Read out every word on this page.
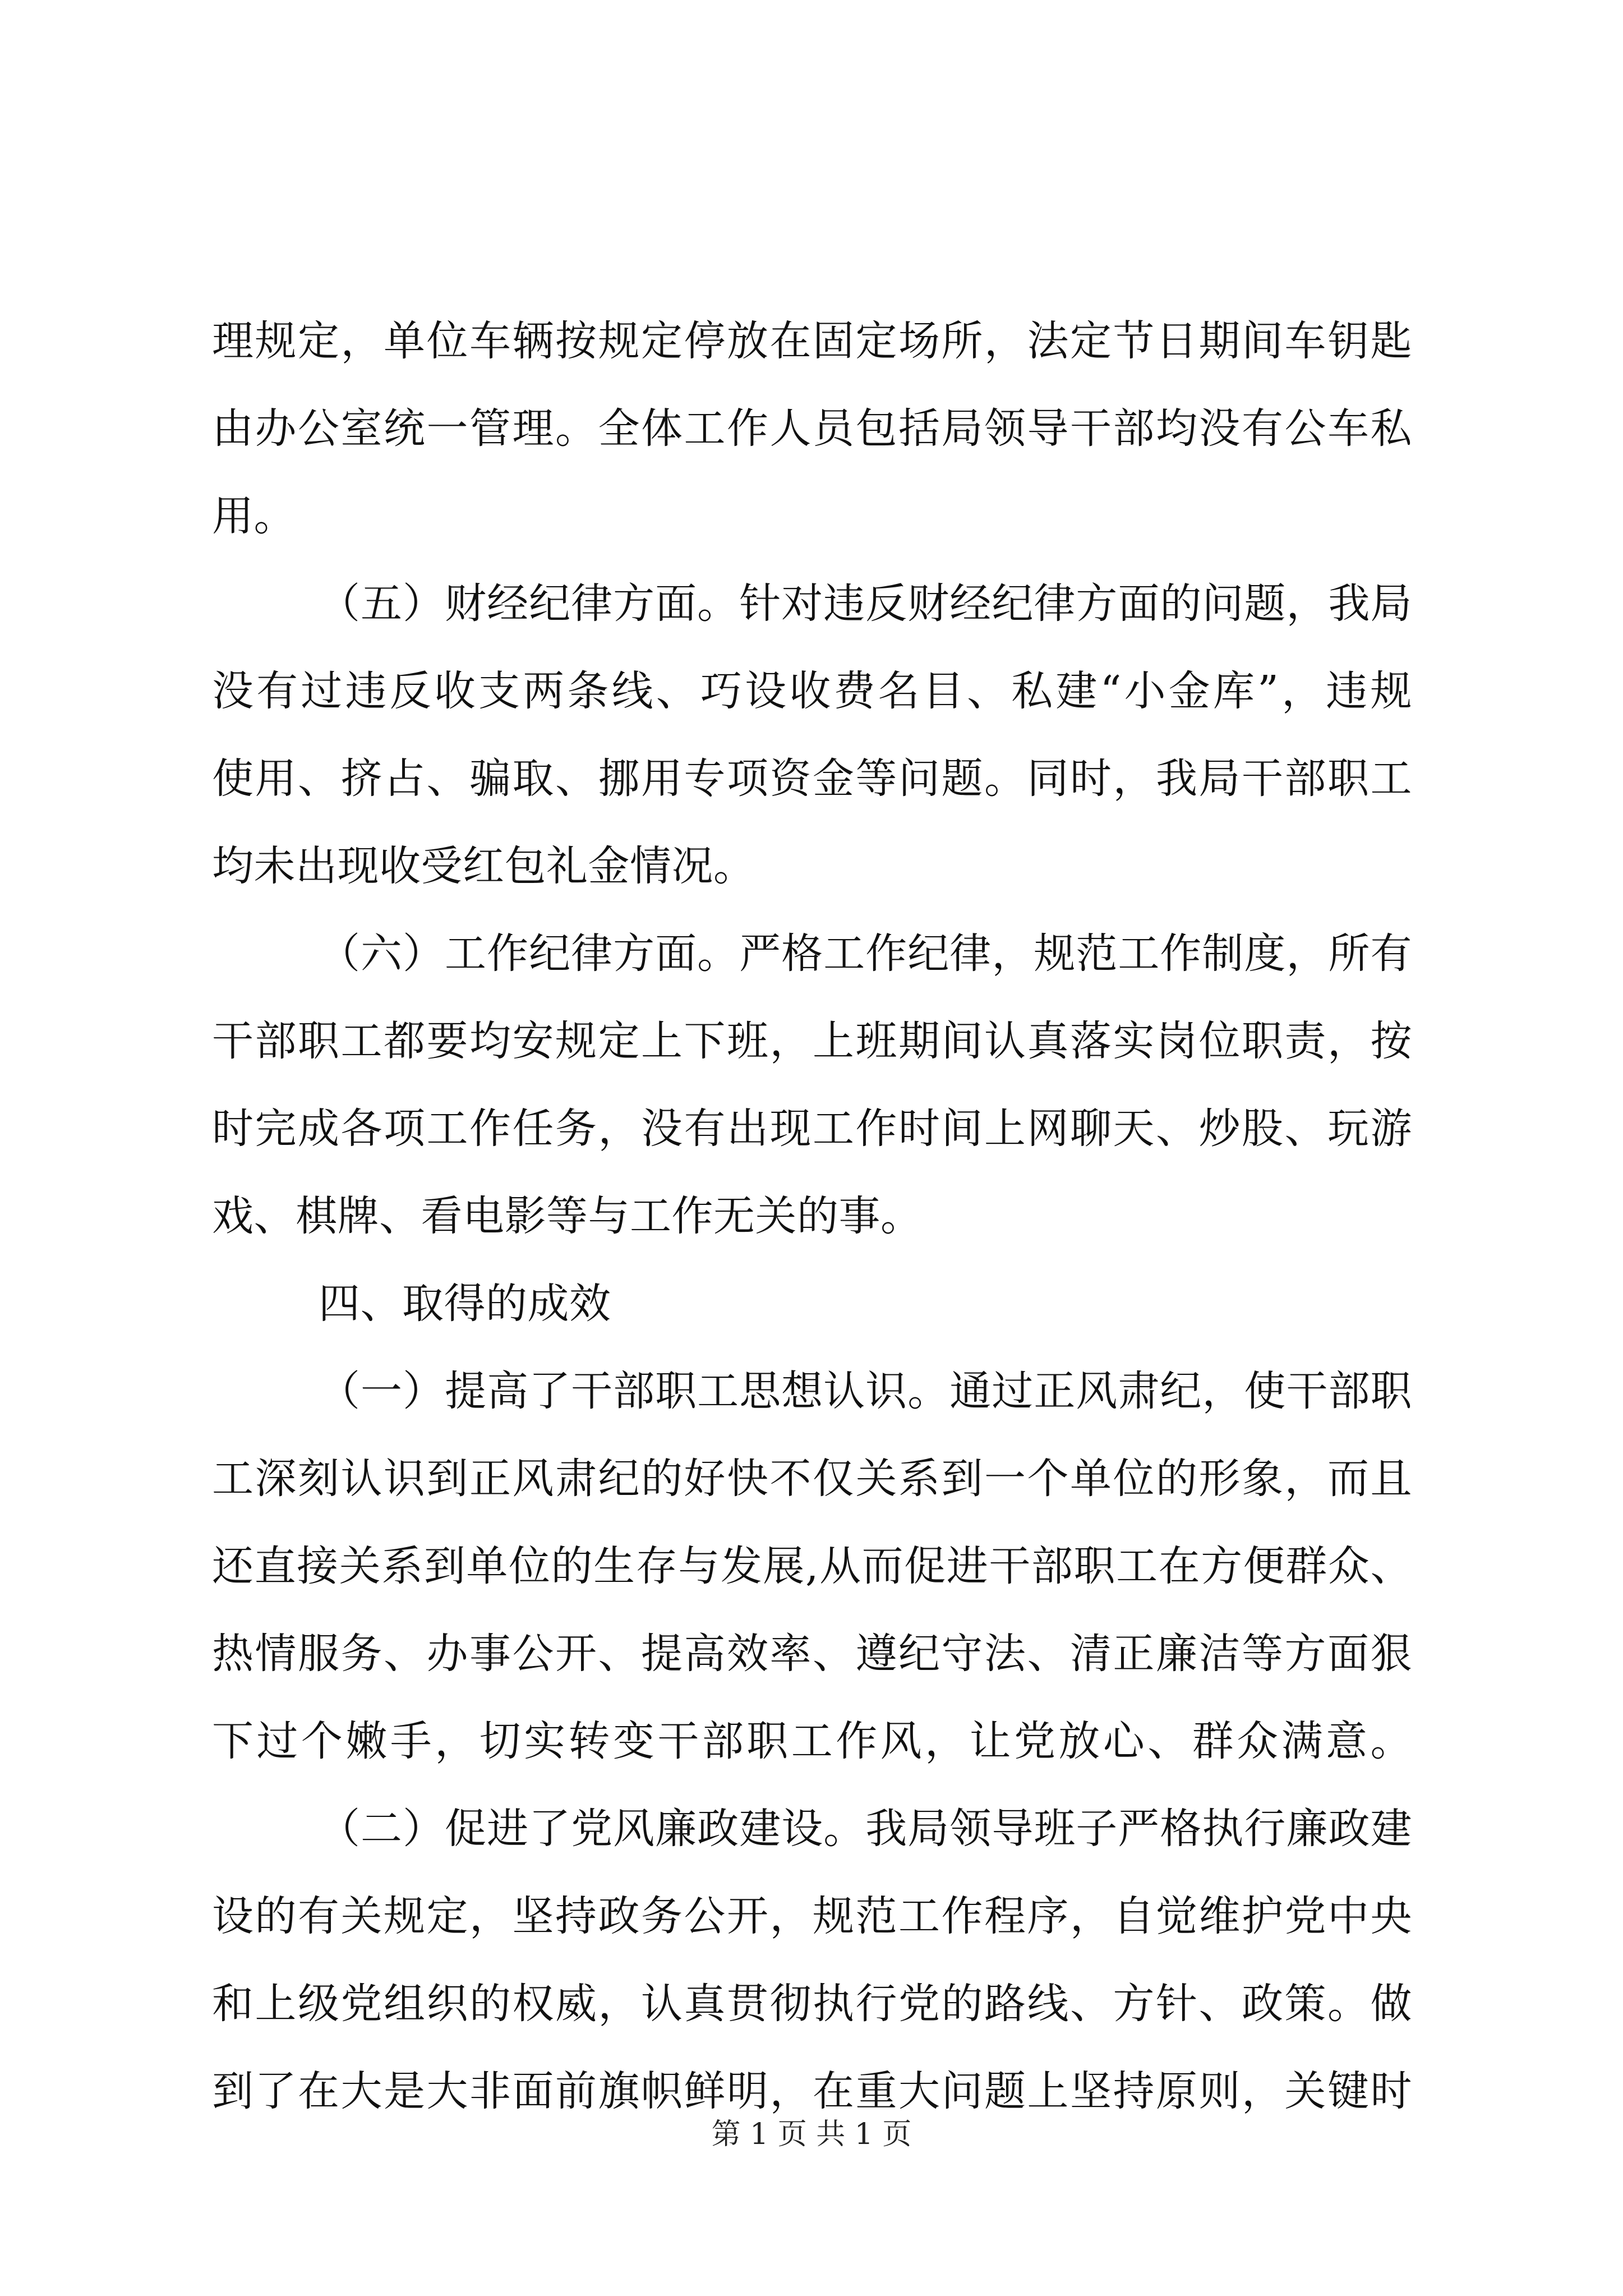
理规定，单位车辆按规定停放在固定场所，法定节日期间车钥匙
由办公室统一管理。全体工作人员包括局领导干部均没有公车私
用。
（五）财经纪律方面。针对违反财经纪律方面的问题，我局
没有过违反收支两条线、巧设收费名目、私建“小金库”，违规
使用、挤占、骗取、挪用专项资金等问题。同时，我局干部职工
均未出现收受红包礼金情况。
（六）工作纪律方面。严格工作纪律，规范工作制度，所有
干部职工都要均安规定上下班，上班期间认真落实岗位职责，按
时完成各项工作任务，没有出现工作时间上网聊天、炒股、玩游
戏、棋牌、看电影等与工作无关的事。
四、取得的成效
（一）提高了干部职工思想认识。通过正风肃纪，使干部职
工深刻认识到正风肃纪的好快不仅关系到一个单位的形象，而且
还直接关系到单位的生存与发展,从而促进干部职工在方便群众、
热情服务、办事公开、提高效率、遵纪守法、清正廉洁等方面狠
下过个嫩手，切实转变干部职工作风，让党放心、群众满意。
（二）促进了党风廉政建设。我局领导班子严格执行廉政建
设的有关规定，坚持政务公开，规范工作程序，自觉维护党中央
和上级党组织的权威，认真贯彻执行党的路线、方针、政策。做
到了在大是大非面前旗帜鲜明，在重大问题上坚持原则，关键时
第 1 页 共 1 页
